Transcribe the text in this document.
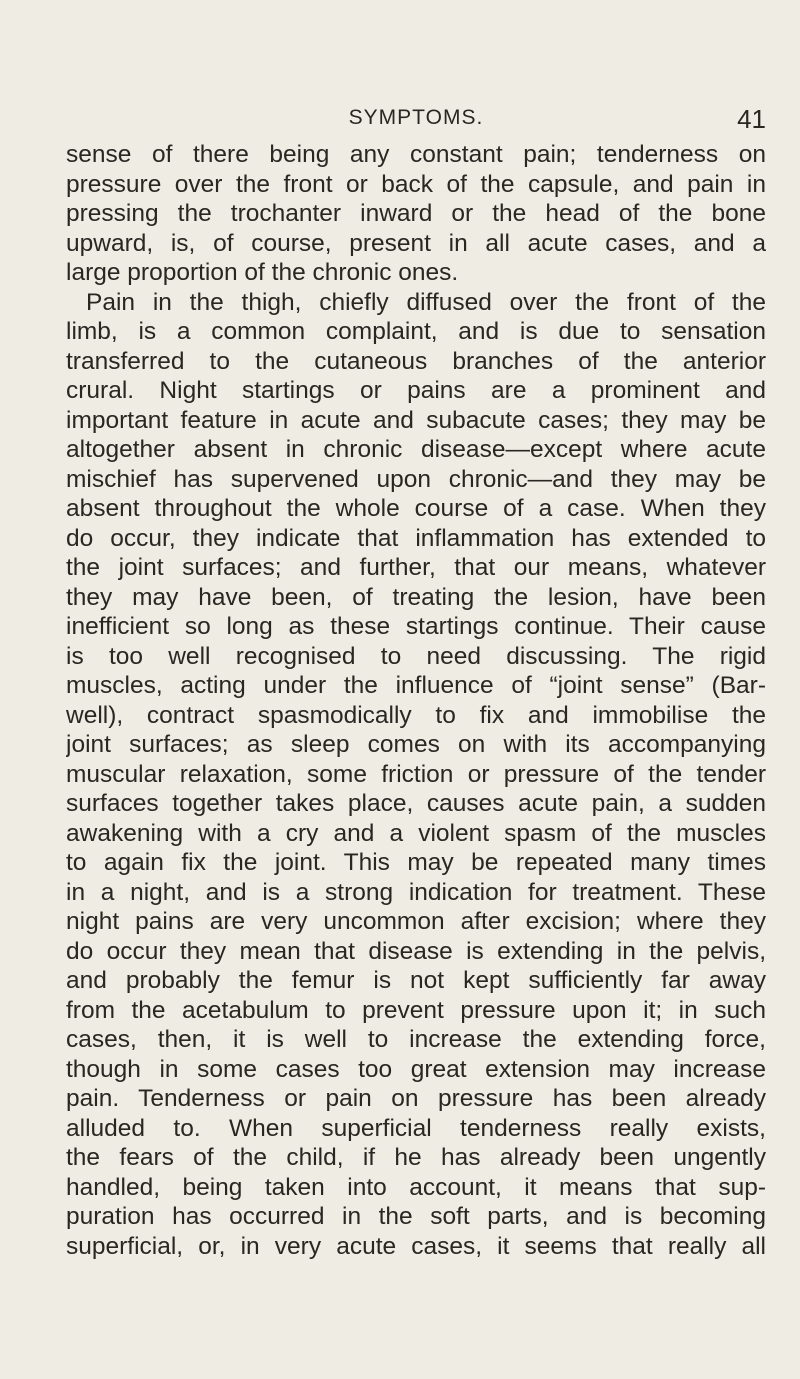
SYMPTOMS.	41
sense of there being any constant pain; tenderness on
pressure over the front or back of the capsule, and pain in
pressing the trochanter inward or the head of the bone
upward, is, of course, present in all acute cases, and a
large proportion of the chronic ones.
Pain in the thigh, chiefly diffused over the front of the
limb, is a common complaint, and is due to sensation
transferred to the cutaneous branches of the anterior
crural. Night startings or pains are a prominent and
important feature in acute and subacute cases; they may be
altogether absent in chronic disease—except where acute
mischief has supervened upon chronic—and they may be
absent throughout the whole course of a case. When they
do occur, they indicate that inflammation has extended to
the joint surfaces; and further, that our means, whatever
they may have been, of treating the lesion, have been
inefficient so long as these startings continue. Their cause
is too well recognised to need discussing. The rigid
muscles, acting under the influence of “joint sense” (Bar-
well), contract spasmodically to fix and immobilise the
joint surfaces; as sleep comes on with its accompanying
muscular relaxation, some friction or pressure of the tender
surfaces together takes place, causes acute pain, a sudden
awakening with a cry and a violent spasm of the muscles
to again fix the joint. This may be repeated many times
in a night, and is a strong indication for treatment. These
night pains are very uncommon after excision; where they
do occur they mean that disease is extending in the pelvis,
and probably the femur is not kept sufficiently far away
from the acetabulum to prevent pressure upon it; in such
cases, then, it is well to increase the extending force,
though in some cases too great extension may increase
pain. Tenderness or pain on pressure has been already
alluded to. When superficial tenderness really exists,
the fears of the child, if he has already been ungently
handled, being taken into account, it means that sup-
puration has occurred in the soft parts, and is becoming
superficial, or, in very acute cases, it seems that really all
